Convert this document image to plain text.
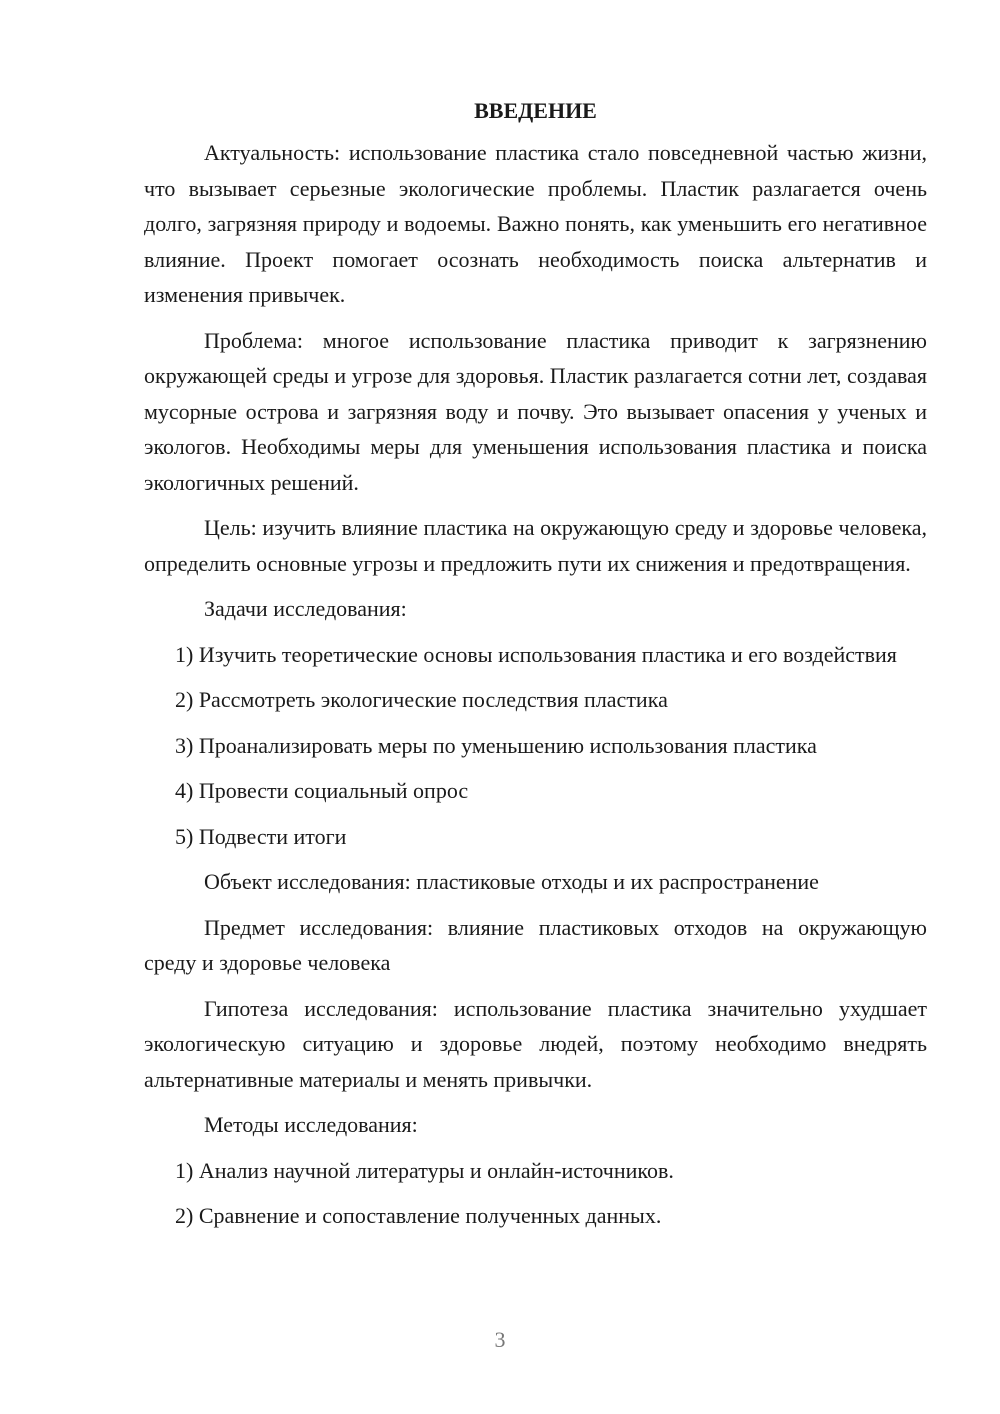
ВВЕДЕНИЕ

Актуальность: использование пластика стало повседневной частью жизни, что вызывает серьезные экологические проблемы. Пластик разлагается очень долго, загрязняя природу и водоемы. Важно понять, как уменьшить его негативное влияние. Проект помогает осознать необходимость поиска альтернатив и изменения привычек.

Проблема: многое использование пластика приводит к загрязнению окружающей среды и угрозе для здоровья. Пластик разлагается сотни лет, создавая мусорные острова и загрязняя воду и почву. Это вызывает опасения у ученых и экологов. Необходимы меры для уменьшения использования пластика и поиска экологичных решений.

Цель: изучить влияние пластика на окружающую среду и здоровье человека, определить основные угрозы и предложить пути их снижения и предотвращения.

Задачи исследования:

1) Изучить теоретические основы использования пластика и его воздействия

2) Рассмотреть экологические последствия пластика

3) Проанализировать меры по уменьшению использования пластика

4) Провести социальный опрос

5) Подвести итоги

Объект исследования: пластиковые отходы и их распространение

Предмет исследования: влияние пластиковых отходов на окружающую среду и здоровье человека

Гипотеза исследования: использование пластика значительно ухудшает экологическую ситуацию и здоровье людей, поэтому необходимо внедрять альтернативные материалы и менять привычки.

Методы исследования:

1) Анализ научной литературы и онлайн-источников.

2) Сравнение и сопоставление полученных данных.

3
